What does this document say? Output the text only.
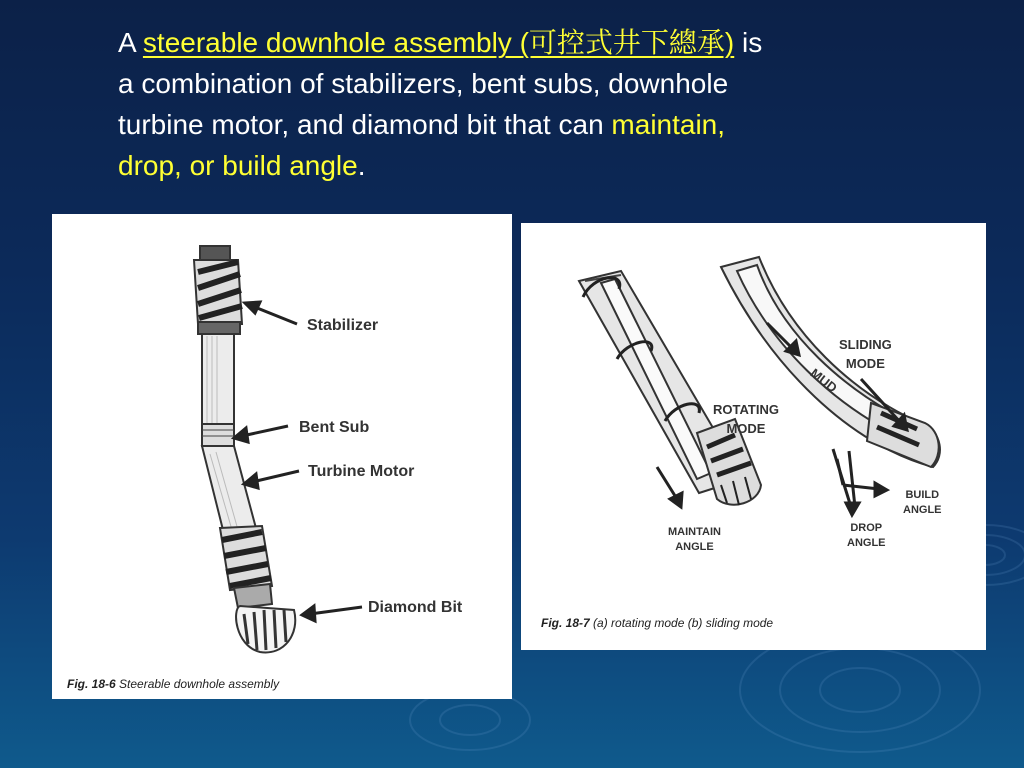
A steerable downhole assembly (可控式井下總承) is
a combination of stabilizers, bent subs, downhole
turbine motor, and diamond bit that can maintain,
drop, or build angle.
Stabilizer
Bent Sub
Turbine Motor
Diamond Bit
Fig. 18-6 Steerable downhole assembly
ROTATING
MODE
SLIDING
MODE
MUD
MAINTAIN
ANGLE
DROP
ANGLE
BUILD
ANGLE
Fig. 18-7 (a) rotating mode (b) sliding mode
